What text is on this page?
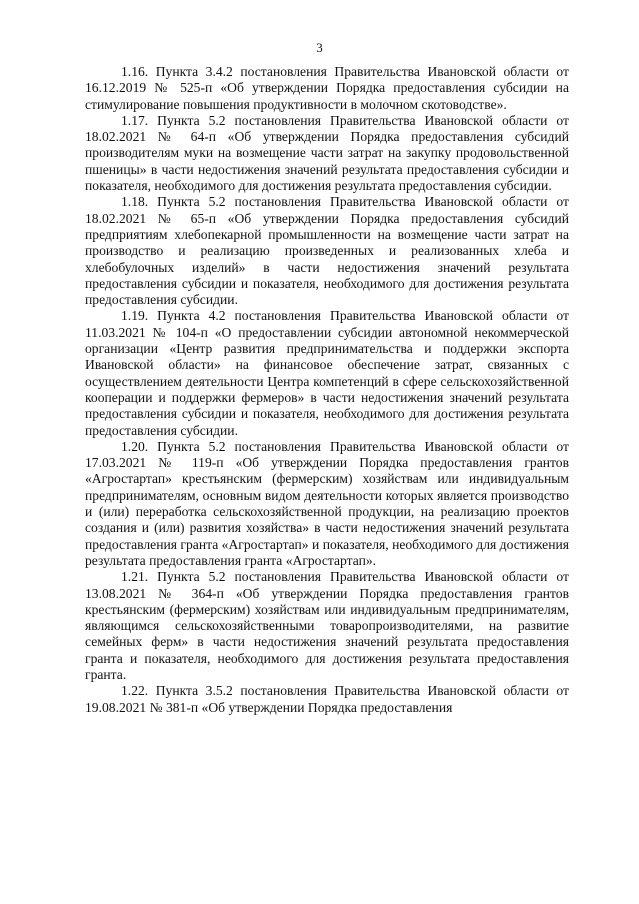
3

1.16. Пункта 3.4.2 постановления Правительства Ивановской области от 16.12.2019 № 525-п «Об утверждении Порядка предоставления субсидии на стимулирование повышения продуктивности в молочном скотоводстве».

1.17. Пункта 5.2 постановления Правительства Ивановской области от 18.02.2021 № 64-п «Об утверждении Порядка предоставления субсидий производителям муки на возмещение части затрат на закупку продовольственной пшеницы» в части недостижения значений результата предоставления субсидии и показателя, необходимого для достижения результата предоставления субсидии.

1.18. Пункта 5.2 постановления Правительства Ивановской области от 18.02.2021 № 65-п «Об утверждении Порядка предоставления субсидий предприятиям хлебопекарной промышленности на возмещение части затрат на производство и реализацию произведенных и реализованных хлеба и хлебобулочных изделий» в части недостижения значений результата предоставления субсидии и показателя, необходимого для достижения результата предоставления субсидии.

1.19. Пункта 4.2 постановления Правительства Ивановской области от 11.03.2021 № 104-п «О предоставлении субсидии автономной некоммерческой организации «Центр развития предпринимательства и поддержки экспорта Ивановской области» на финансовое обеспечение затрат, связанных с осуществлением деятельности Центра компетенций в сфере сельскохозяйственной кооперации и поддержки фермеров» в части недостижения значений результата предоставления субсидии и показателя, необходимого для достижения результата предоставления субсидии.

1.20. Пункта 5.2 постановления Правительства Ивановской области от 17.03.2021 № 119-п «Об утверждении Порядка предоставления грантов «Агростартап» крестьянским (фермерским) хозяйствам или индивидуальным предпринимателям, основным видом деятельности которых является производство и (или) переработка сельскохозяйственной продукции, на реализацию проектов создания и (или) развития хозяйства» в части недостижения значений результата предоставления гранта «Агростартап» и показателя, необходимого для достижения результата предоставления гранта «Агростартап».

1.21. Пункта 5.2 постановления Правительства Ивановской области от 13.08.2021 № 364-п «Об утверждении Порядка предоставления грантов крестьянским (фермерским) хозяйствам или индивидуальным предпринимателям, являющимся сельскохозяйственными товаропроизводителями, на развитие семейных ферм» в части недостижения значений результата предоставления гранта и показателя, необходимого для достижения результата предоставления гранта.

1.22. Пункта 3.5.2 постановления Правительства Ивановской области от 19.08.2021 № 381-п «Об утверждении Порядка предоставления
